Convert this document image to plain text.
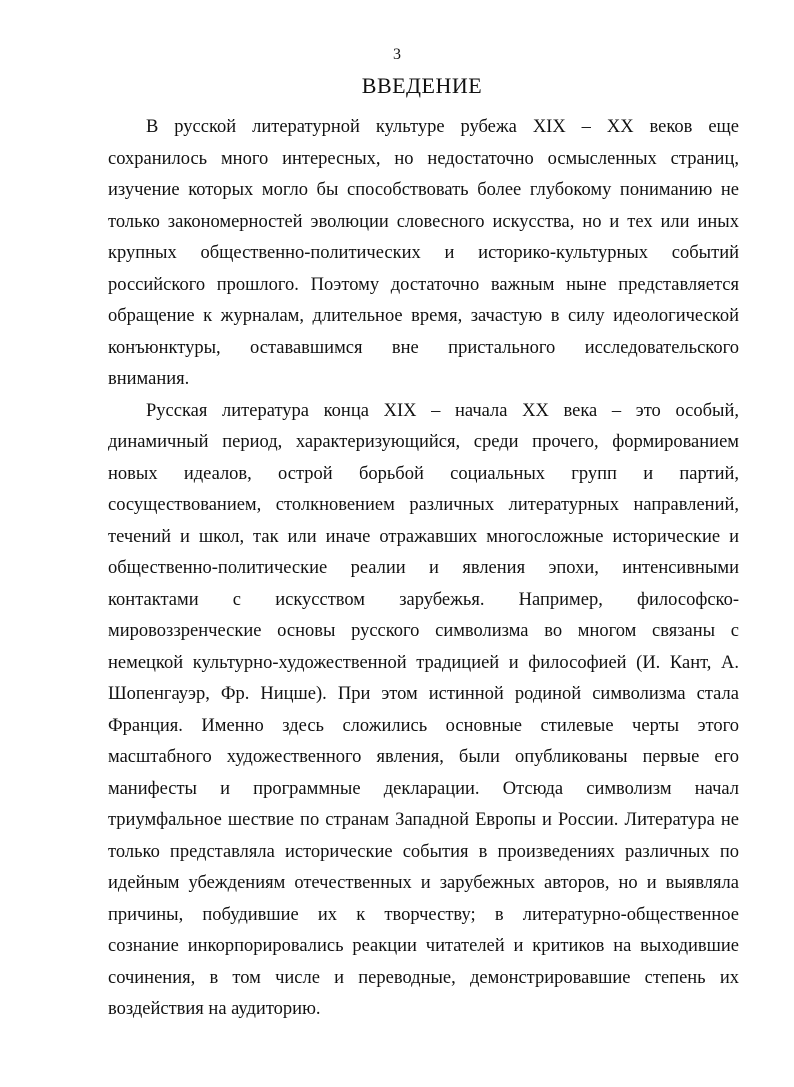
3
ВВЕДЕНИЕ

В русской литературной культуре рубежа XIX – XX веков еще
сохранилось много интересных, но недостаточно осмысленных страниц,
изучение которых могло бы способствовать более глубокому пониманию не
только закономерностей эволюции словесного искусства, но и тех или иных
крупных общественно-политических и историко-культурных событий
российского прошлого. Поэтому достаточно важным ныне представляется
обращение к журналам, длительное время, зачастую в силу идеологической
конъюнктуры, остававшимся вне пристального исследовательского
внимания.

Русская литература конца XIX – начала XX века – это особый,
динамичный период, характеризующийся, среди прочего, формированием
новых идеалов, острой борьбой социальных групп и партий,
сосуществованием, столкновением различных литературных направлений,
течений и школ, так или иначе отражавших многосложные исторические и
общественно-политические реалии и явления эпохи, интенсивными
контактами с искусством зарубежья. Например, философско-
мировоззренческие основы русского символизма во многом связаны с
немецкой культурно-художественной традицией и философией (И. Кант, А.
Шопенгауэр, Фр. Ницше). При этом истинной родиной символизма стала
Франция. Именно здесь сложились основные стилевые черты этого
масштабного художественного явления, были опубликованы первые его
манифесты и программные декларации. Отсюда символизм начал
триумфальное шествие по странам Западной Европы и России. Литература не
только представляла исторические события в произведениях различных по
идейным убеждениям отечественных и зарубежных авторов, но и выявляла
причины, побудившие их к творчеству; в литературно-общественное
сознание инкорпорировались реакции читателей и критиков на выходившие
сочинения, в том числе и переводные, демонстрировавшие степень их
воздействия на аудиторию.
